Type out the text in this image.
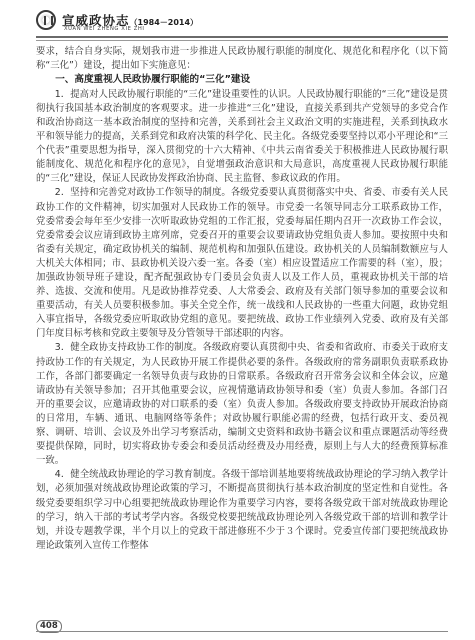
宣威政协志（1984－2014）
XUAN WEI ZHENG XIE ZHI

要求，结合自身实际，规划我市进一步推进人民政协履行职能的制度化、规范化和程序化（以下简称“三化”）建设，提出如下实施意见：

一、高度重视人民政协履行职能的“三化”建设

1．提高对人民政协履行职能的“三化”建设重要性的认识。人民政协履行职能的“三化”建设是贯彻执行我国基本政治制度的客观要求。进一步推进“三化”建设，直接关系到共产党领导的多党合作和政治协商这一基本政治制度的坚持和完善，关系到社会主义政治文明的实施进程，关系到执政水平和领导能力的提高，关系到党和政府决策的科学化、民主化。各级党委要坚持以邓小平理论和“三个代表”重要思想为指导，深入贯彻党的十六大精神、《中共云南省委关于积极推进人民政协履行职能制度化、规范化和程序化的意见》，自觉增强政治意识和大局意识，高度重视人民政协履行职能的“三化”建设，保证人民政协发挥政治协商、民主监督、参政议政的作用。

2．坚持和完善党对政协工作领导的制度。各级党委要认真贯彻落实中央、省委、市委有关人民政协工作的文件精神，切实加强对人民政协工作的领导。市党委一名领导同志分工联系政协工作，党委常委会每年至少安排一次听取政协党组的工作汇报，党委每届任期内召开一次政协工作会议，党委常委会议应请到政协主席列席，党委召开的重要会议要请政协党组负责人参加。要按照中央和省委有关规定，确定政协机关的编制、规范机构和加强队伍建设。政协机关的人员编制数额应与人大机关大体相同；市、县政协机关设六委一室。各委（室）相应设置适应工作需要的科（室），股；加强政协领导班子建设，配齐配强政协专门委员会负责人以及工作人员，重视政协机关干部的培养、选拔、交流和使用。凡是政协推荐党委、人大常委会、政府及有关部门领导参加的重要会议和重要活动，有关人员要积极参加。事关全党全作，统一战线和人民政协的一些重大问题，政协党组入事宜指导，各级党委应听取政协党组的意见。要把统战、政协工作业绩列入党委、政府及有关部门年度目标考核和党政主要领导及分管领导干部述职的内容。

3．健全政协支持政协工作的制度。各级政府要认真贯彻中央、省委和省政府、市委关于政府支持政协工作的有关规定，为人民政协开展工作提供必要的条件。各级政府的常务副职负责联系政协工作，各部门都要确定一名领导负责与政协的日常联系。各级政府召开常务会议和全体会议，应邀请政协有关领导参加；召开其他重要会议，应视情邀请政协领导和委（室）负责人参加。各部门召开的重要会议，应邀请政协的对口联系的委（室）负责人参加。各级政府要支持政协开展政治协商的日常用，车辆、通讯、电脑网络等条件；对政协履行职能必需的经费，包括行政开支、委员视察、调研、培训、会议及外出学习考察活动，编制文史资料和政协书籍会议和重点课题活动等经费要提供保障，同时，切实将政协专委会和委员活动经费及办用经费，原则上与人大的经费预算标准一致。

4．健全统战政协理论的学习教育制度。各级干部培训基地要将统战政协理论的学习纳入教学计划，必须加强对统战政协理论政策的学习，不断提高贯彻执行基本政治制度的坚定性和自觉性。各级党委要组织学习中心组要把统战政协理论作为重要学习内容，要将各级党政干部对统战政协理论的学习，纳入干部的考试考学内容。各级党校要把统战政协理论列入各级党政干部的培训和教学计划，并设专题教学课，半个月以上的党政干部进修班不少于３个课时。党委宣传部门要把统战政协理论政策列入宣传工作整体

408
